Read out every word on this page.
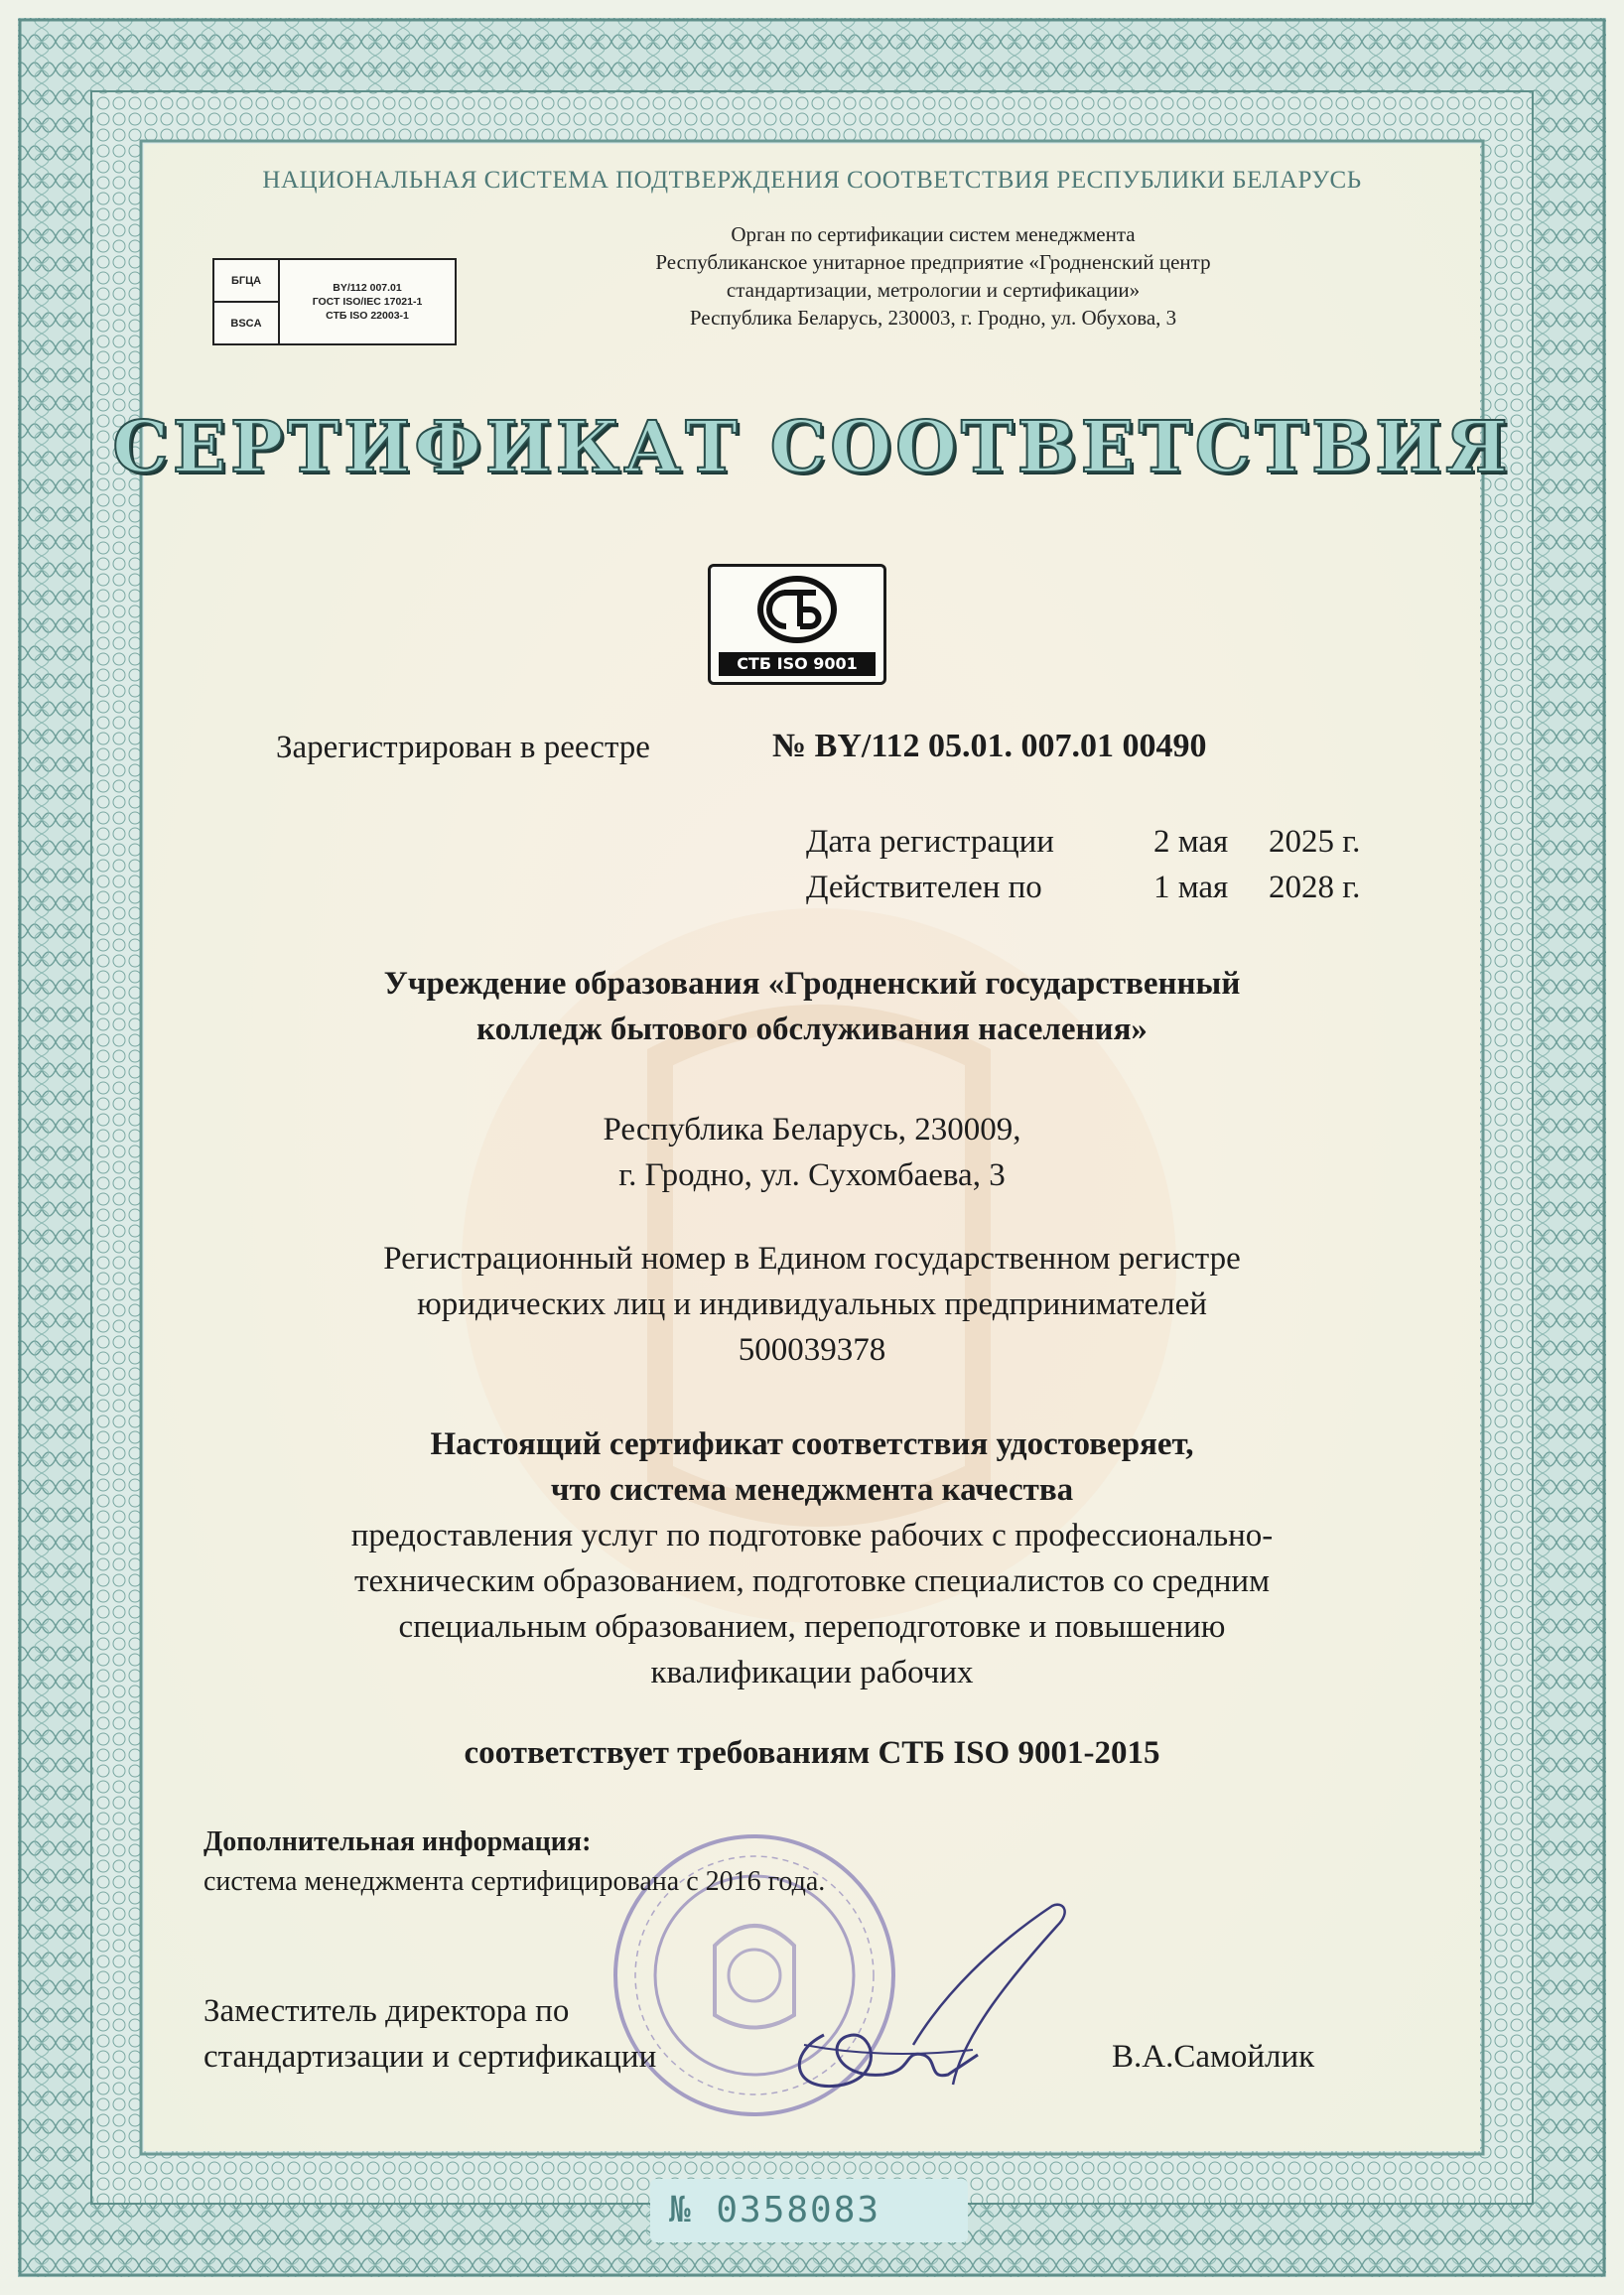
НАЦИОНАЛЬНАЯ СИСТЕМА ПОДТВЕРЖДЕНИЯ СООТВЕТСТВИЯ РЕСПУБЛИКИ БЕЛАРУСЬ
БГЦА
BSCA
BY/112 007.01
ГОСТ ISO/IEC 17021-1
СТБ ISO 22003-1
Орган по сертификации систем менеджмента
Республиканское унитарное предприятие «Гродненский центр
стандартизации, метрологии и сертификации»
Республика Беларусь, 230003, г. Гродно, ул. Обухова, 3
СЕРТИФИКАТ СООТВЕТСТВИЯ
СТБ ISO 9001
Зарегистрирован в реестре	№ BY/112 05.01. 007.01 00490
Дата регистрации	2 мая 2025 г.
Действителен по	1 мая 2028 г.
Учреждение образования «Гродненский государственный
колледж бытового обслуживания населения»
Республика Беларусь, 230009,
г. Гродно, ул. Сухомбаева, 3
Регистрационный номер в Едином государственном регистре
юридических лиц и индивидуальных предпринимателей
500039378
Настоящий сертификат соответствия удостоверяет,
что система менеджмента качества
предоставления услуг по подготовке рабочих с профессионально-
техническим образованием, подготовке специалистов со средним
специальным образованием, переподготовке и повышению
квалификации рабочих
соответствует требованиям СТБ ISO 9001-2015
Дополнительная информация:
система менеджмента сертифицирована с 2016 года.
Заместитель директора по
стандартизации и сертификации	В.А.Самойлик
№ 0358083
